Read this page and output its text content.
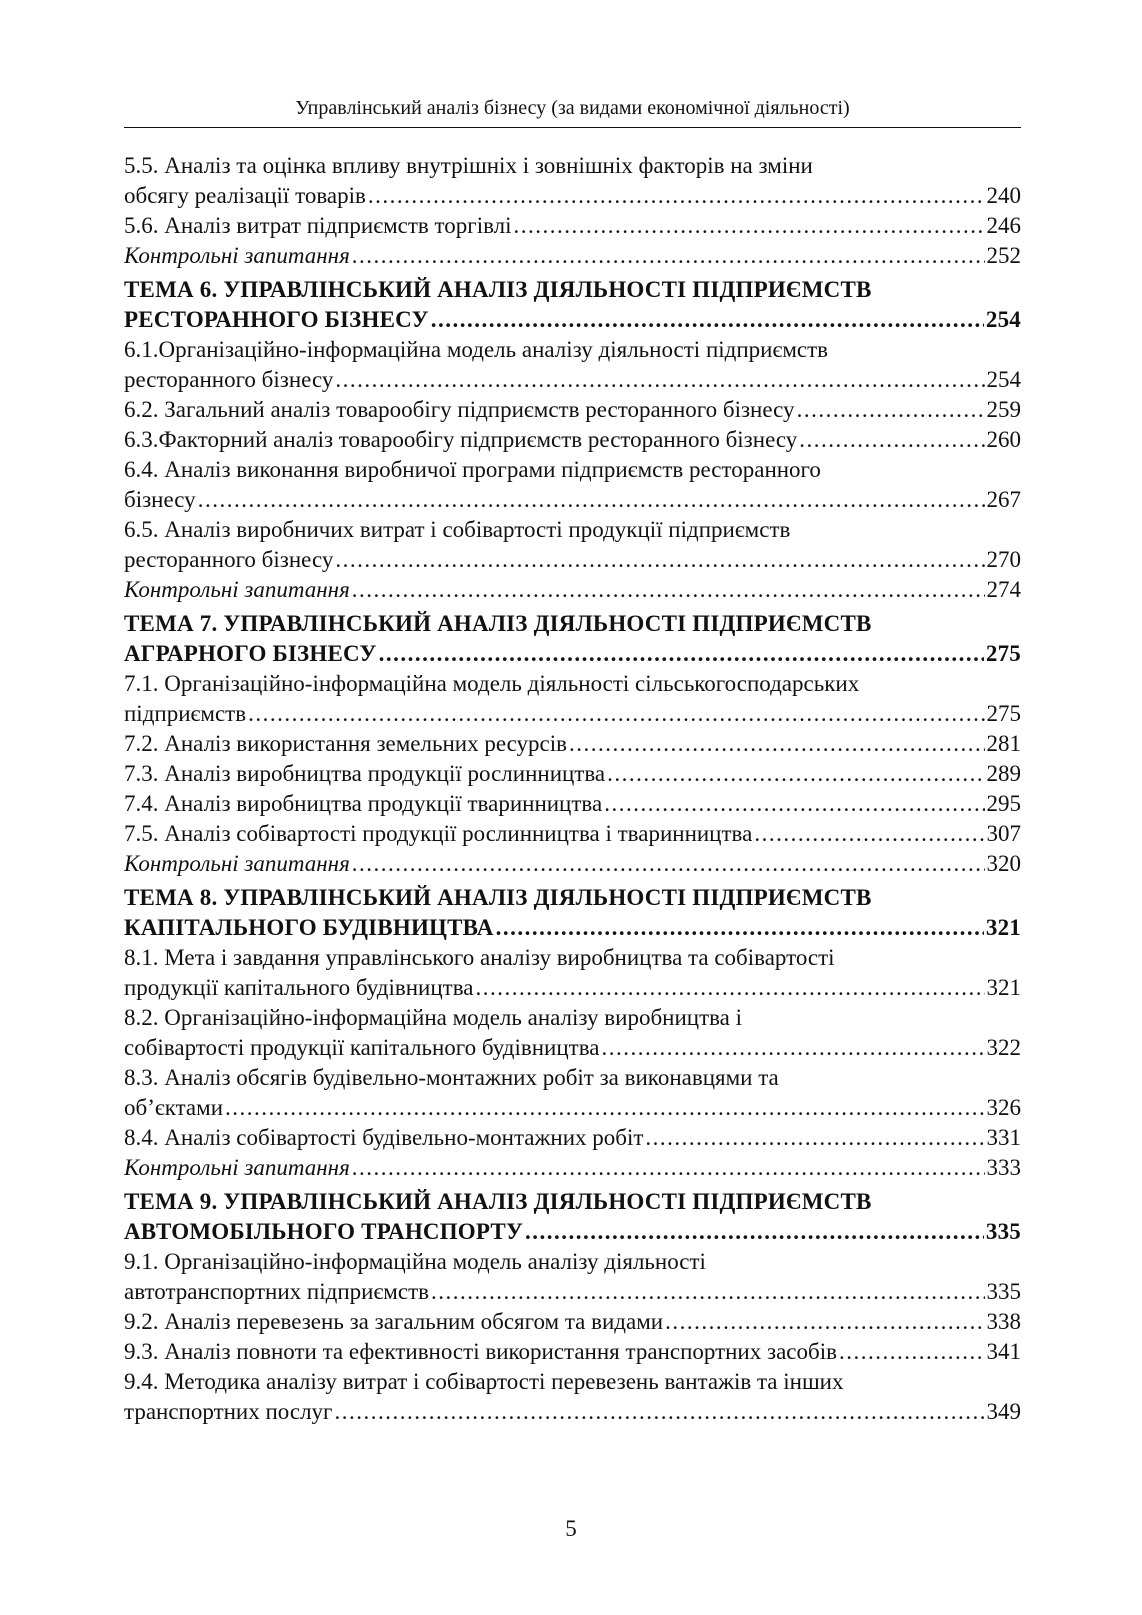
Управлінський аналіз бізнесу (за видами економічної діяльності)
5.5. Аналіз та оцінка впливу внутрішніх і зовнішніх факторів на зміни
обсягу реалізації товарів .....	240
5.6. Аналіз витрат підприємств торгівлі .....	246
Контрольні запитання .....	252
ТЕМА 6. УПРАВЛІНСЬКИЙ АНАЛІЗ ДІЯЛЬНОСТІ ПІДПРИЄМСТВ
РЕСТОРАННОГО БІЗНЕСУ .....	254
6.1.Організаційно-інформаційна модель аналізу діяльності підприємств
ресторанного бізнесу .....	254
6.2. Загальний аналіз товарообігу підприємств ресторанного бізнесу .....	259
6.3.Факторний аналіз товарообігу підприємств ресторанного бізнесу .....	260
6.4. Аналіз виконання виробничої програми підприємств ресторанного
бізнесу .....	267
6.5. Аналіз виробничих витрат і собівартості продукції підприємств
ресторанного бізнесу .....	270
Контрольні запитання .....	274
ТЕМА 7. УПРАВЛІНСЬКИЙ АНАЛІЗ ДІЯЛЬНОСТІ ПІДПРИЄМСТВ
АГРАРНОГО БІЗНЕСУ .....	275
7.1. Організаційно-інформаційна модель діяльності сільськогосподарських
підприємств .....	275
7.2. Аналіз використання земельних ресурсів .....	281
7.3. Аналіз виробництва продукції рослинництва .....	289
7.4. Аналіз виробництва продукції тваринництва .....	295
7.5. Аналіз собівартості продукції рослинництва і тваринництва .....	307
Контрольні запитання .....	320
ТЕМА 8. УПРАВЛІНСЬКИЙ АНАЛІЗ ДІЯЛЬНОСТІ ПІДПРИЄМСТВ
КАПІТАЛЬНОГО БУДІВНИЦТВА .....	321
8.1. Мета і завдання управлінського аналізу виробництва та собівартості
продукції капітального будівництва .....	321
8.2. Організаційно-інформаційна модель аналізу виробництва і
собівартості продукції капітального будівництва .....	322
8.3. Аналіз обсягів будівельно-монтажних робіт за виконавцями та
об’єктами .....	326
8.4. Аналіз собівартості будівельно-монтажних робіт .....	331
Контрольні запитання .....	333
ТЕМА 9. УПРАВЛІНСЬКИЙ АНАЛІЗ ДІЯЛЬНОСТІ ПІДПРИЄМСТВ
АВТОМОБІЛЬНОГО ТРАНСПОРТУ .....	335
9.1. Організаційно-інформаційна модель аналізу діяльності
автотранспортних підприємств .....	335
9.2. Аналіз перевезень за загальним обсягом та видами .....	338
9.3. Аналіз повноти та ефективності використання транспортних засобів .....	341
9.4. Методика аналізу витрат і собівартості перевезень вантажів та інших
транспортних послуг .....	349
5
